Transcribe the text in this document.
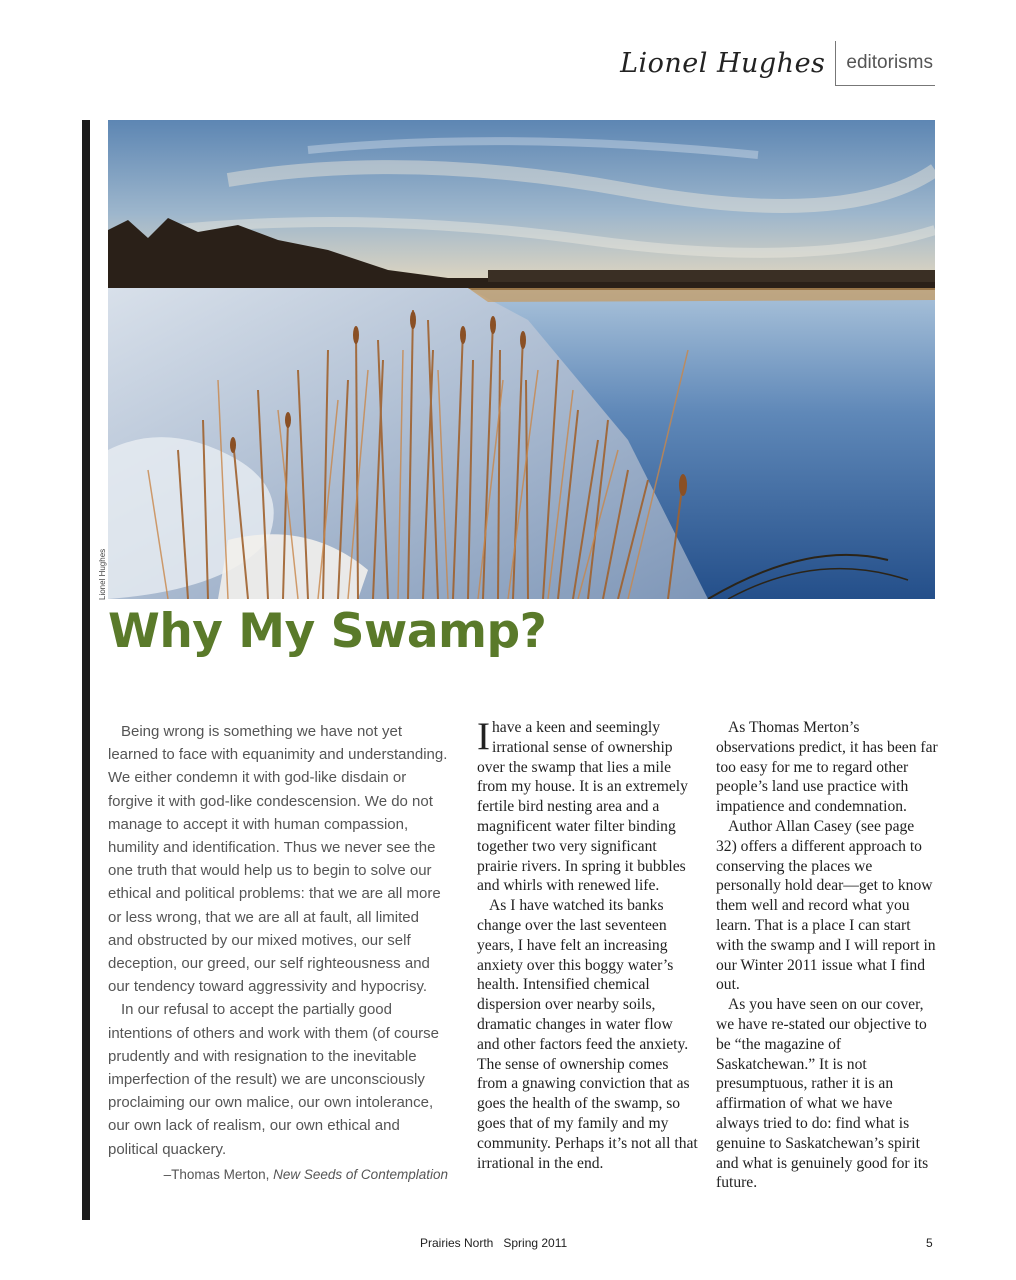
Lionel Hughes	editorisms
Lionel Hughes
Why My Swamp?

Being wrong is something we have not yet learned to face with equanimity and understanding. We either condemn it with god-like disdain or forgive it with god-like condescension. We do not manage to accept it with human compassion, humility and identification. Thus we never see the one truth that would help us to begin to solve our ethical and political problems: that we are all more or less wrong, that we are all at fault, all limited and obstructed by our mixed motives, our self deception, our greed, our self righteousness and our tendency toward aggressivity and hypocrisy.

In our refusal to accept the partially good intentions of others and work with them (of course prudently and with resignation to the inevitable imperfection of the result) we are unconsciously proclaiming our own malice, our own intolerance, our own lack of realism, our own ethical and political quackery.

–Thomas Merton, New Seeds of Contemplation

I have a keen and seemingly irrational sense of ownership over the swamp that lies a mile from my house. It is an extremely fertile bird nesting area and a magnificent water filter binding together two very significant prairie rivers. In spring it bubbles and whirls with renewed life.

As I have watched its banks change over the last seventeen years, I have felt an increasing anxiety over this boggy water’s health. Intensified chemical dispersion over nearby soils, dramatic changes in water flow and other factors feed the anxiety. The sense of ownership comes from a gnawing conviction that as goes the health of the swamp, so goes that of my family and my community. Perhaps it’s not all that irrational in the end.

As Thomas Merton’s observations predict, it has been far too easy for me to regard other people’s land use practice with impatience and condemnation.

Author Allan Casey (see page 32) offers a different approach to conserving the places we personally hold dear—get to know them well and record what you learn. That is a place I can start with the swamp and I will report in our Winter 2011 issue what I find out.

As you have seen on our cover, we have re-stated our objective to be “the magazine of Saskatchewan.” It is not presumptuous, rather it is an affirmation of what we have always tried to do: find what is genuine to Saskatchewan’s spirit and what is genuinely good for its future.

Prairies North   Spring 2011	5
